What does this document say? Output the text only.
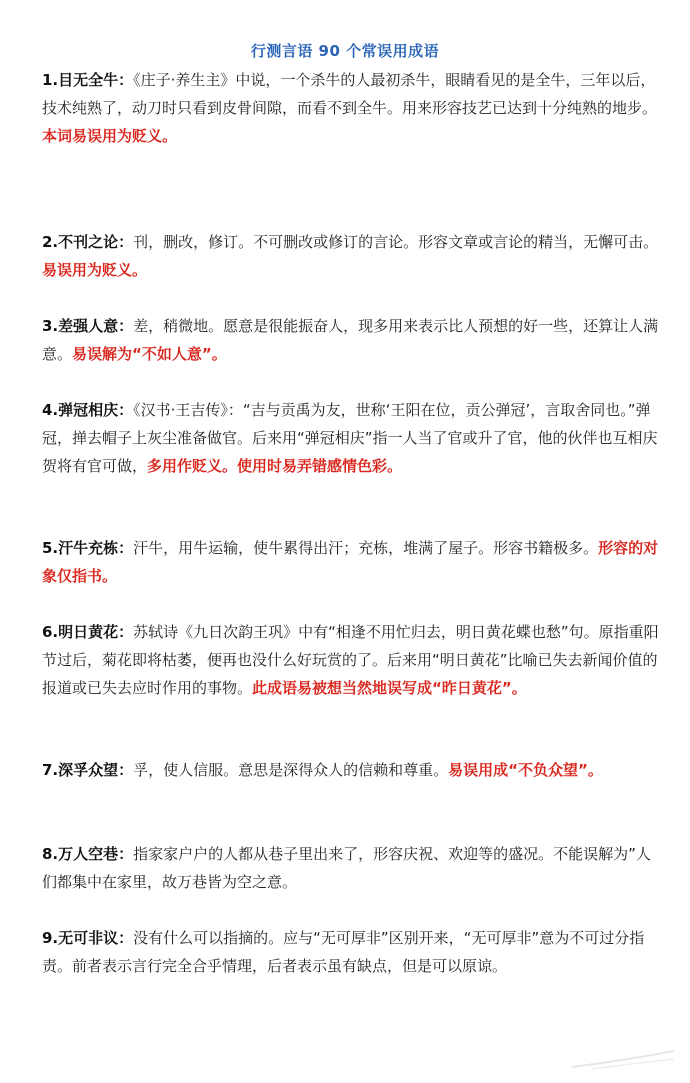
行测言语 90 个常误用成语
1.目无全牛：《庄子·养生主》中说，一个杀牛的人最初杀牛，眼睛看见的是全牛，三年以后，技术纯熟了，动刀时只看到皮骨间隙，而看不到全牛。用来形容技艺已达到十分纯熟的地步。本词易误用为贬义。
2.不刊之论：刊，删改，修订。不可删改或修订的言论。形容文章或言论的精当，无懈可击。易误用为贬义。
3.差强人意：差，稍微地。愿意是很能振奋人，现多用来表示比人预想的好一些，还算让人满意。易误解为“不如人意”。
4.弹冠相庆：《汉书·王吉传》：“吉与贡禹为友，世称‘王阳在位，贡公弹冠’，言取舍同也。”弹冠，掸去帽子上灰尘准备做官。后来用“弹冠相庆”指一人当了官或升了官，他的伙伴也互相庆贺将有官可做，多用作贬义。使用时易弄错感情色彩。
5.汗牛充栋：汗牛，用牛运输，使牛累得出汗；充栋，堆满了屋子。形容书籍极多。形容的对象仅指书。
6.明日黄花：苏轼诗《九日次韵王巩》中有“相逢不用忙归去，明日黄花蝶也愁”句。原指重阳节过后，菊花即将枯萎，便再也没什么好玩赏的了。后来用“明日黄花”比喻已失去新闻价值的报道或已失去应时作用的事物。此成语易被想当然地误写成“昨日黄花”。
7.深孚众望：孚，使人信服。意思是深得众人的信赖和尊重。易误用成“不负众望”。
8.万人空巷：指家家户户的人都从巷子里出来了，形容庆祝、欢迎等的盛况。不能误解为”人们都集中在家里，故万巷皆为空之意。
9.无可非议：没有什么可以指摘的。应与“无可厚非”区别开来，“无可厚非”意为不可过分指责。前者表示言行完全合乎情理，后者表示虽有缺点，但是可以原谅。
